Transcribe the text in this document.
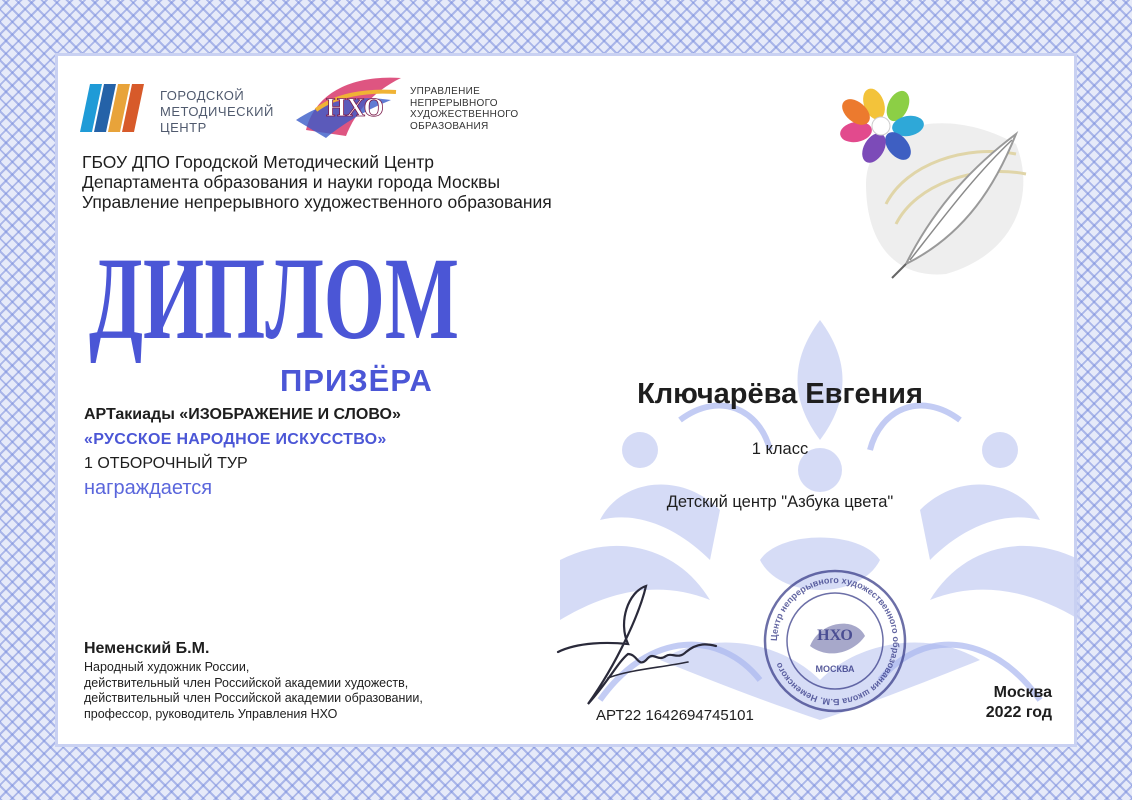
ГОРОДСКОЙ
МЕТОДИЧЕСКИЙ
ЦЕНТР
НХО
УПРАВЛЕНИЕ
НЕПРЕРЫВНОГО
ХУДОЖЕСТВЕННОГО
ОБРАЗОВАНИЯ
ГБОУ ДПО Городской Методический Центр
Департамента образования и науки города Москвы
Управление непрерывного художественного образования
ДИПЛОМ
ПРИЗЁРА
АРТакиады «ИЗОБРАЖЕНИЕ И СЛОВО»
«РУССКОЕ НАРОДНОЕ ИСКУССТВО»
1 ОТБОРОЧНЫЙ ТУР
награждается
Ключарёва Евгения
1 класс
Детский центр "Азбука цвета"
Неменский Б.М.
Народный художник России,
действительный член Российской академии художеств,
действительный член Российской академии образовании,
профессор, руководитель Управления НХО
Центр непрерывного художественного образования школа Б.М. Неменского
НХО
МОСКВА
АРТ22 1642694745101
Москва
2022 год
